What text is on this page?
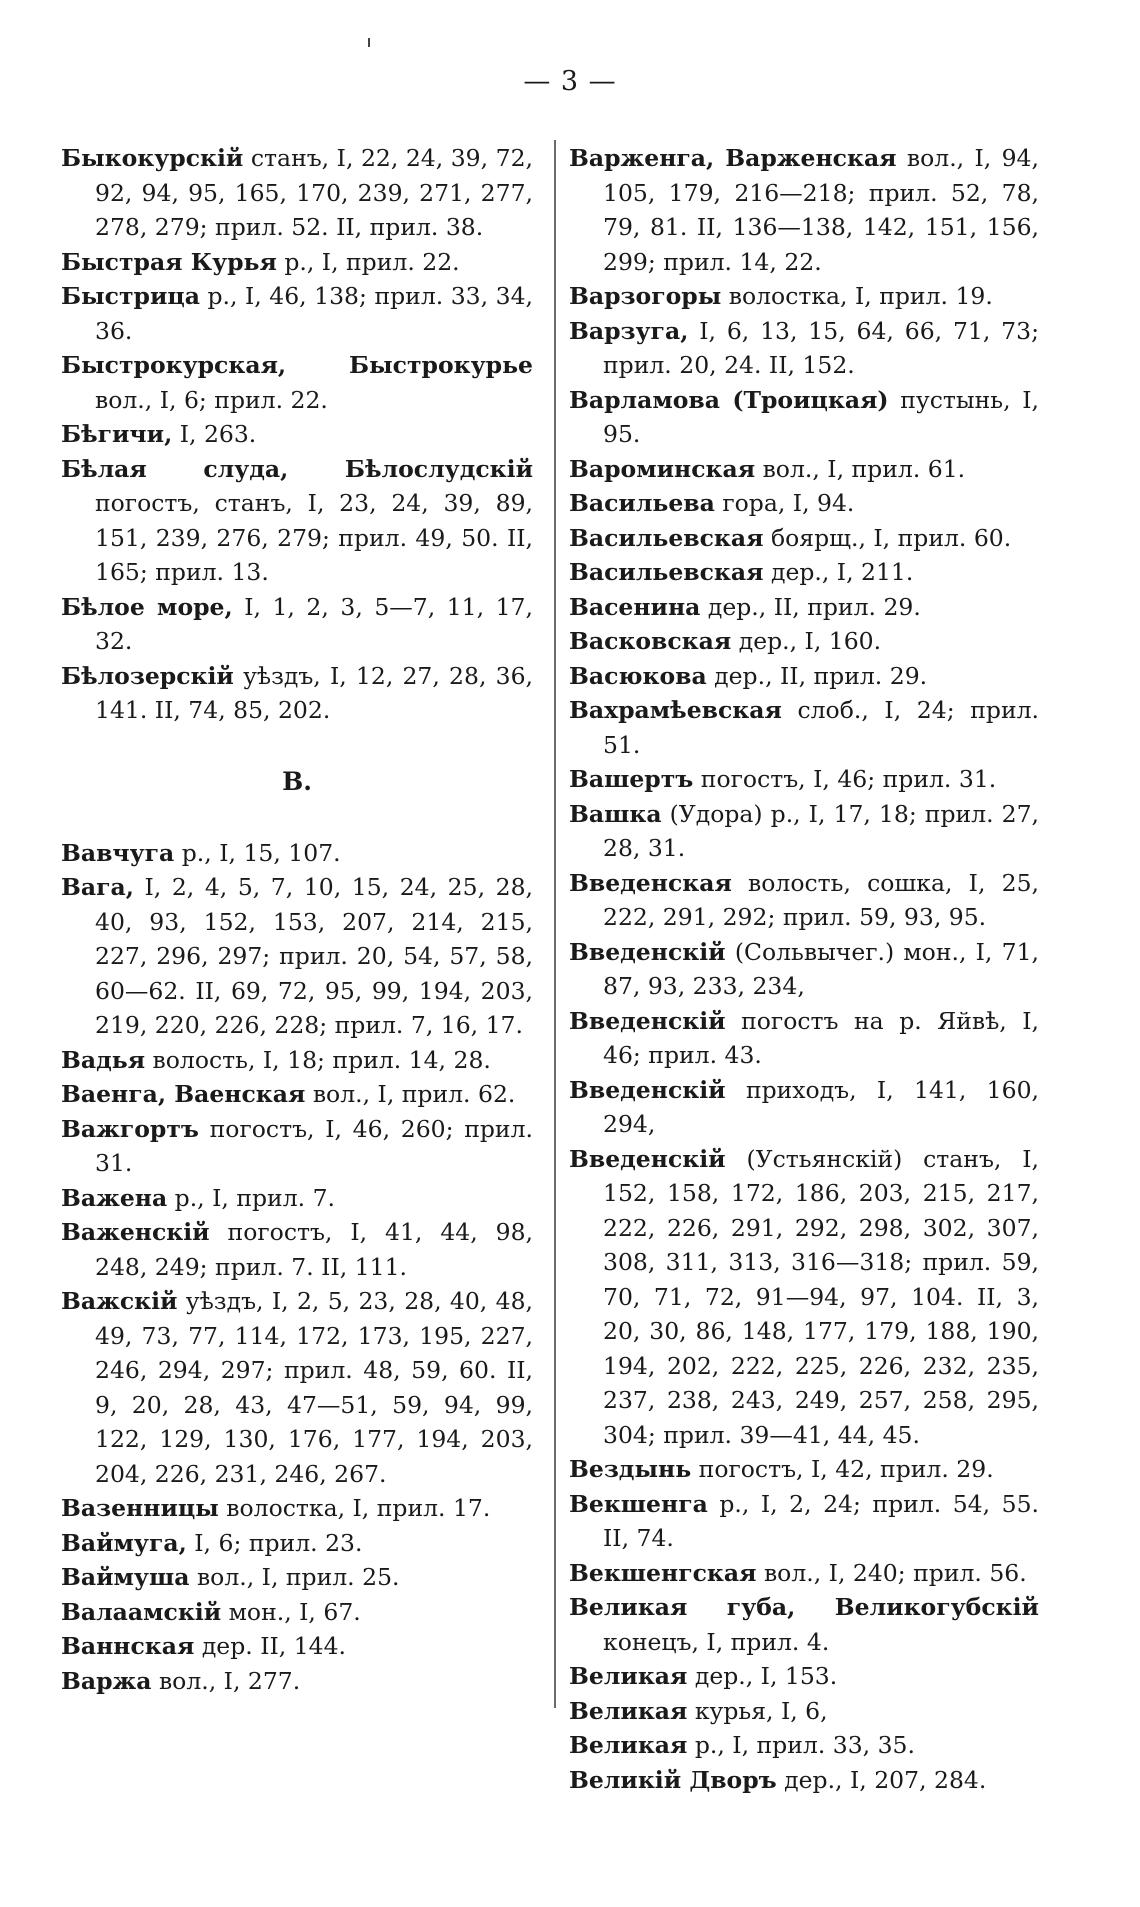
— 3 —

Быкокурскій станъ, I, 22, 24, 39, 72, 92, 94, 95, 165, 170, 239, 271, 277, 278, 279; прил. 52. II, прил. 38.

Быстрая Курья р., I, прил. 22.

Быстрица р., I, 46, 138; прил. 33, 34, 36.

Быстрокурская, Быстрокурье вол., I, 6; прил. 22.

Бѣгичи, I, 263.

Бѣлая слуда, Бѣлослудскій погостъ, станъ, I, 23, 24, 39, 89, 151, 239, 276, 279; прил. 49, 50. II, 165; прил. 13.

Бѣлое море, I, 1, 2, 3, 5—7, 11, 17, 32.

Бѣлозерскій уѣздъ, I, 12, 27, 28, 36, 141. II, 74, 85, 202.

В.

Вавчуга р., I, 15, 107.

Вага, I, 2, 4, 5, 7, 10, 15, 24, 25, 28, 40, 93, 152, 153, 207, 214, 215, 227, 296, 297; прил. 20, 54, 57, 58, 60—62. II, 69, 72, 95, 99, 194, 203, 219, 220, 226, 228; прил. 7, 16, 17.

Вадья волость, I, 18; прил. 14, 28.

Ваенга, Ваенская вол., I, прил. 62.

Важгортъ погостъ, I, 46, 260; прил. 31.

Важена р., I, прил. 7.

Важенскій погостъ, I, 41, 44, 98, 248, 249; прил. 7. II, 111.

Важскій уѣздъ, I, 2, 5, 23, 28, 40, 48, 49, 73, 77, 114, 172, 173, 195, 227, 246, 294, 297; прил. 48, 59, 60. II, 9, 20, 28, 43, 47—51, 59, 94, 99, 122, 129, 130, 176, 177, 194, 203, 204, 226, 231, 246, 267.

Вазенницы волостка, I, прил. 17.

Ваймуга, I, 6; прил. 23.

Ваймуша вол., I, прил. 25.

Валаамскій мон., I, 67.

Ваннская дер. II, 144.

Варжа вол., I, 277.

Варженга, Варженская вол., I, 94, 105, 179, 216—218; прил. 52, 78, 79, 81. II, 136—138, 142, 151, 156, 299; прил. 14, 22.

Варзогоры волостка, I, прил. 19.

Варзуга, I, 6, 13, 15, 64, 66, 71, 73; прил. 20, 24. II, 152.

Варламова (Троицкая) пустынь, I, 95.

Вароминская вол., I, прил. 61.

Васильева гора, I, 94.

Васильевская боярщ., I, прил. 60.

Васильевская дер., I, 211.

Васенина дер., II, прил. 29.

Васковская дер., I, 160.

Васюкова дер., II, прил. 29.

Вахрамѣевская слоб., I, 24; прил. 51.

Вашертъ погостъ, I, 46; прил. 31.

Вашка (Удора) р., I, 17, 18; прил. 27, 28, 31.

Введенская волость, сошка, I, 25, 222, 291, 292; прил. 59, 93, 95.

Введенскій (Сольвычег.) мон., I, 71, 87, 93, 233, 234,

Введенскій погостъ на р. Яйвѣ, I, 46; прил. 43.

Введенскій приходъ, I, 141, 160, 294,

Введенскій (Устьянскій) станъ, I, 152, 158, 172, 186, 203, 215, 217, 222, 226, 291, 292, 298, 302, 307, 308, 311, 313, 316—318; прил. 59, 70, 71, 72, 91—94, 97, 104. II, 3, 20, 30, 86, 148, 177, 179, 188, 190, 194, 202, 222, 225, 226, 232, 235, 237, 238, 243, 249, 257, 258, 295, 304; прил. 39—41, 44, 45.

Вездынь погостъ, I, 42, прил. 29.

Векшенга р., I, 2, 24; прил. 54, 55. II, 74.

Векшенгская вол., I, 240; прил. 56.

Великая губа, Великогубскій конецъ, I, прил. 4.

Великая дер., I, 153.

Великая курья, I, 6,

Великая р., I, прил. 33, 35.

Великій Дворъ дер., I, 207, 284.
